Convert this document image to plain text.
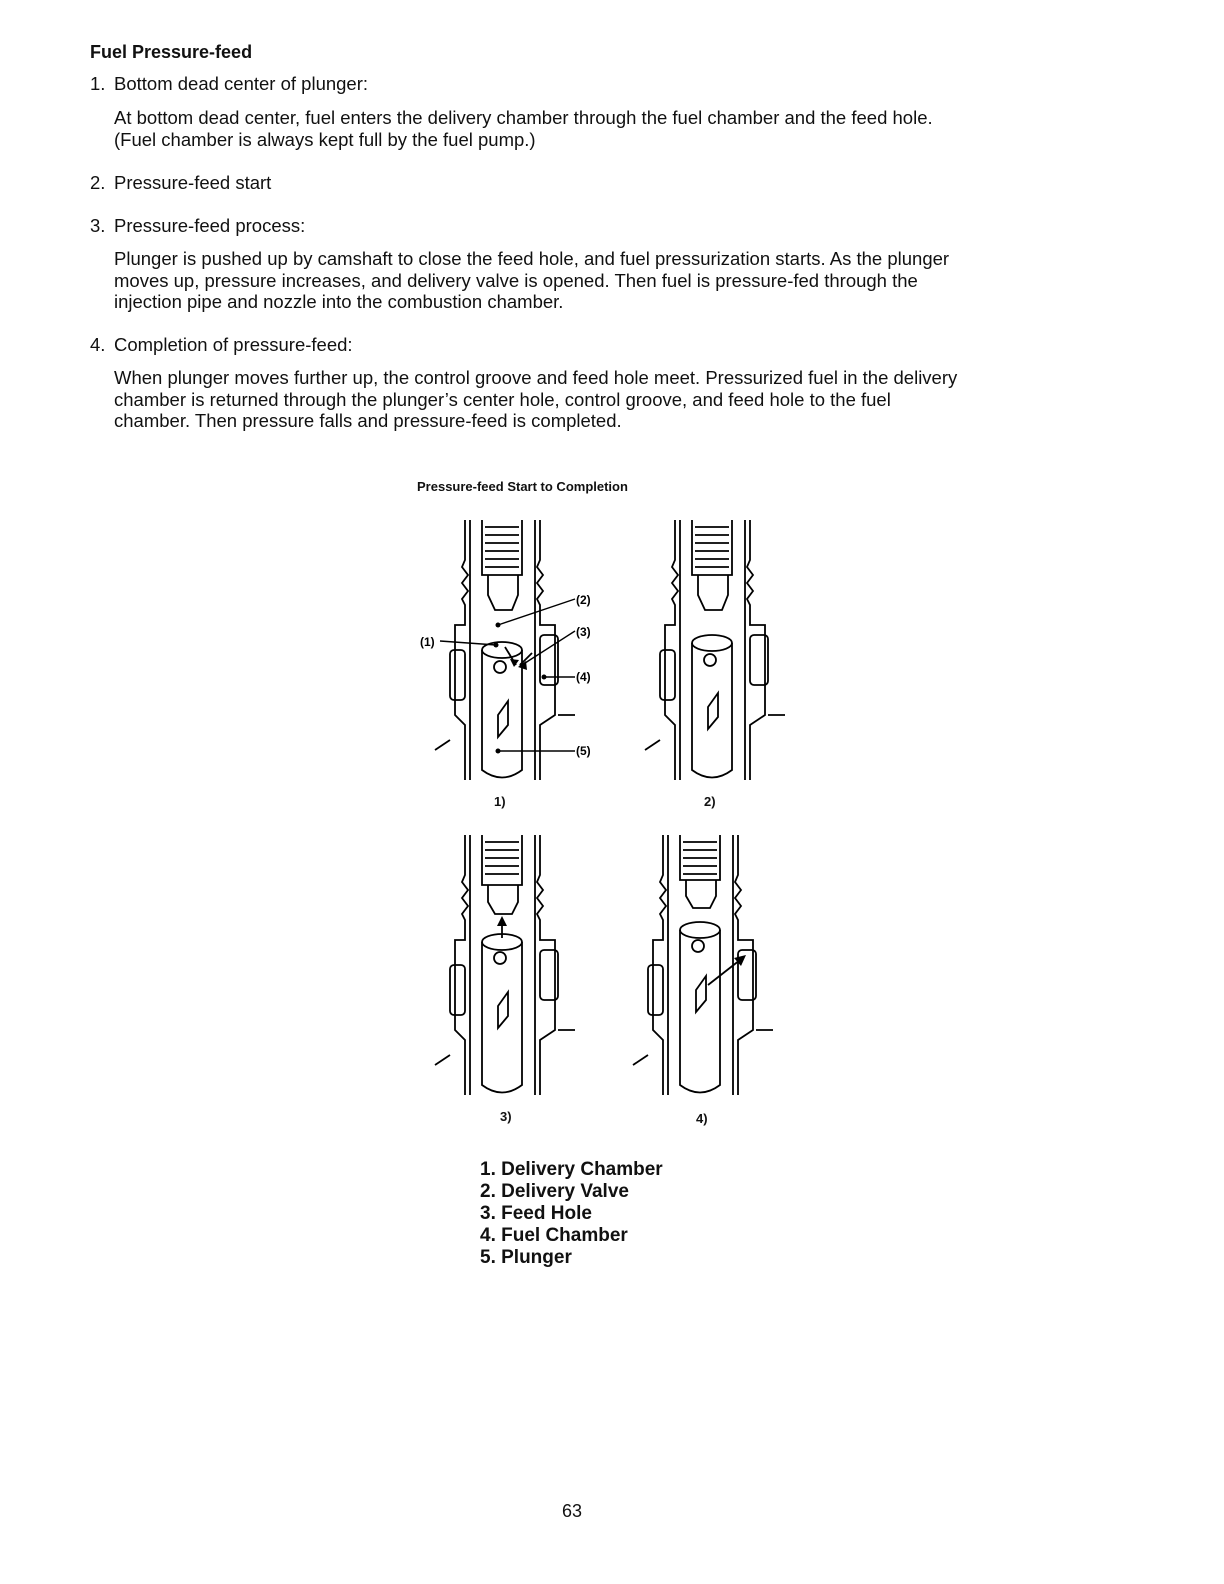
Fuel Pressure-feed
1. Bottom dead center of plunger:
At bottom dead center, fuel enters the delivery chamber through the fuel chamber and the feed hole. (Fuel chamber is always kept full by the fuel pump.)
2. Pressure-feed start
3. Pressure-feed process:
Plunger is pushed up by camshaft to close the feed hole, and fuel pressurization starts. As the plunger moves up, pressure increases, and delivery valve is opened. Then fuel is pressure-fed through the injection pipe and nozzle into the combustion chamber.
4. Completion of pressure-feed:
When plunger moves further up, the control groove and feed hole meet. Pressurized fuel in the delivery chamber is returned through the plunger’s center hole, control groove, and feed hole to the fuel chamber. Then pressure falls and pressure-feed is completed.
Pressure-feed Start to Completion
(1)
(2)
(3)
(4)
(5)
1)	2)
3)	4)
1. Delivery Chamber
2. Delivery Valve
3. Feed Hole
4. Fuel Chamber
5. Plunger
63
